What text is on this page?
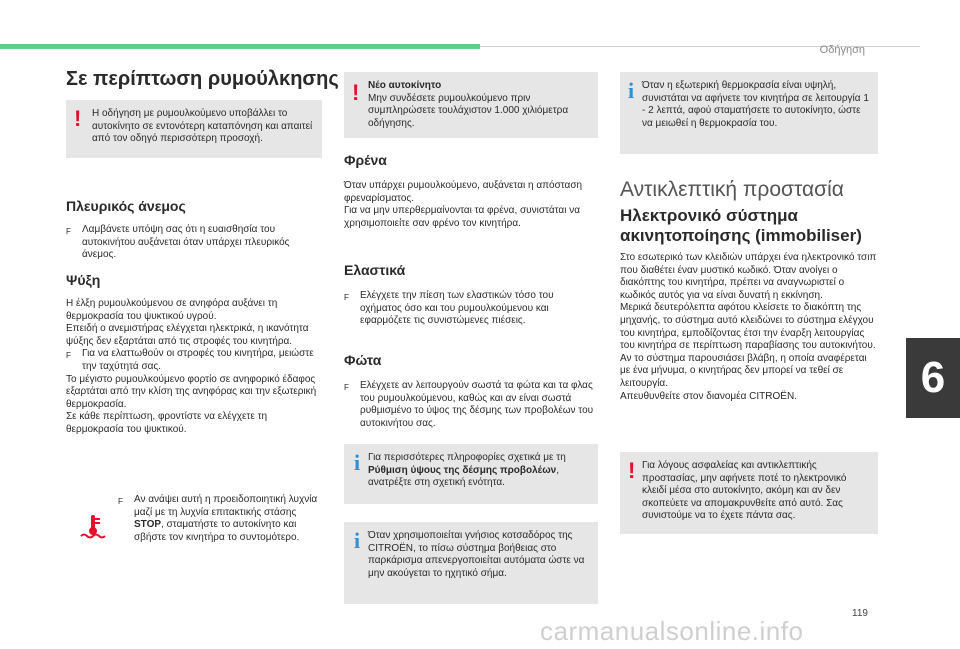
Οδήγηση
Σε περίπτωση ρυμούλκησης
! Η οδήγηση με ρυμουλκούμενο υποβάλλει το αυτοκίνητο σε εντονότερη καταπόνηση και απαιτεί από τον οδηγό περισσότερη προσοχή.
Πλευρικός άνεμος
F	Λαμβάνετε υπόψη σας ότι η ευαισθησία του αυτοκινήτου αυξάνεται όταν υπάρχει πλευρικός άνεμος.
Ψύξη
Η έλξη ρυμουλκούμενου σε ανηφόρα αυξάνει τη θερμοκρασία του ψυκτικού υγρού.
Επειδή ο ανεμιστήρας ελέγχεται ηλεκτρικά, η ικανότητα ψύξης δεν εξαρτάται από τις στροφές του κινητήρα.
F	Για να ελαττωθούν οι στροφές του κινητήρα, μειώστε την ταχύτητά σας.
Το μέγιστο ρυμουλκούμενο φορτίο σε ανηφορικό έδαφος εξαρτάται από την κλίση της ανηφόρας και την εξωτερική θερμοκρασία.
Σε κάθε περίπτωση, φροντίστε να ελέγχετε τη θερμοκρασία του ψυκτικού.
F	Αν ανάψει αυτή η προειδοποιητική λυχνία μαζί με τη λυχνία επιτακτικής στάσης STOP, σταματήστε το αυτοκίνητο και σβήστε τον κινητήρα το συντομότερο.
! Νέο αυτοκίνητο
Μην συνδέσετε ρυμουλκούμενο πριν συμπληρώσετε τουλάχιστον 1.000 χιλιόμετρα οδήγησης.
Φρένα
Όταν υπάρχει ρυμουλκούμενο, αυξάνεται η απόσταση φρεναρίσματος.
Για να μην υπερθερμαίνονται τα φρένα, συνιστάται να χρησιμοποιείτε σαν φρένο τον κινητήρα.
Ελαστικά
F	Ελέγχετε την πίεση των ελαστικών τόσο του οχήματος όσο και του ρυμουλκούμενου και εφαρμόζετε τις συνιστώμενες πιέσεις.
Φώτα
F	Ελέγχετε αν λειτουργούν σωστά τα φώτα και τα φλας του ρυμουλκούμενου, καθώς και αν είναι σωστά ρυθμισμένο το ύψος της δέσμης των προβολέων του αυτοκινήτου σας.
i Για περισσότερες πληροφορίες σχετικά με τη Ρύθμιση ύψους της δέσμης προβολέων, ανατρέξτε στη σχετική ενότητα.
i Όταν χρησιμοποιείται γνήσιος κοτσαδόρος της CITROËN, το πίσω σύστημα βοήθειας στο παρκάρισμα απενεργοποιείται αυτόματα ώστε να μην ακούγεται το ηχητικό σήμα.
i Όταν η εξωτερική θερμοκρασία είναι υψηλή, συνιστάται να αφήνετε τον κινητήρα σε λειτουργία 1 - 2 λεπτά, αφού σταματήσετε το αυτοκίνητο, ώστε να μειωθεί η θερμοκρασία του.
Αντικλεπτική προστασία
Ηλεκτρονικό σύστημα ακινητοποίησης (immobiliser)
Στο εσωτερικό των κλειδιών υπάρχει ένα ηλεκτρονικό τσιπ που διαθέτει έναν μυστικό κωδικό. Όταν ανοίγει ο διακόπτης του κινητήρα, πρέπει να αναγνωριστεί ο κωδικός αυτός για να είναι δυνατή η εκκίνηση.
Μερικά δευτερόλεπτα αφότου κλείσετε το διακόπτη της μηχανής, το σύστημα αυτό κλειδώνει το σύστημα ελέγχου του κινητήρα, εμποδίζοντας έτσι την έναρξη λειτουργίας του κινητήρα σε περίπτωση παραβίασης του αυτοκινήτου.
Αν το σύστημα παρουσιάσει βλάβη, η οποία αναφέρεται με ένα μήνυμα, ο κινητήρας δεν μπορεί να τεθεί σε λειτουργία.
Απευθυνθείτε στον διανομέα CITROËN.
! Για λόγους ασφαλείας και αντικλεπτικής προστασίας, μην αφήνετε ποτέ το ηλεκτρονικό κλειδί μέσα στο αυτοκίνητο, ακόμη και αν δεν σκοπεύετε να απομακρυνθείτε από αυτό. Σας συνιστούμε να το έχετε πάντα σας.
6
119
carmanualsonline.info
